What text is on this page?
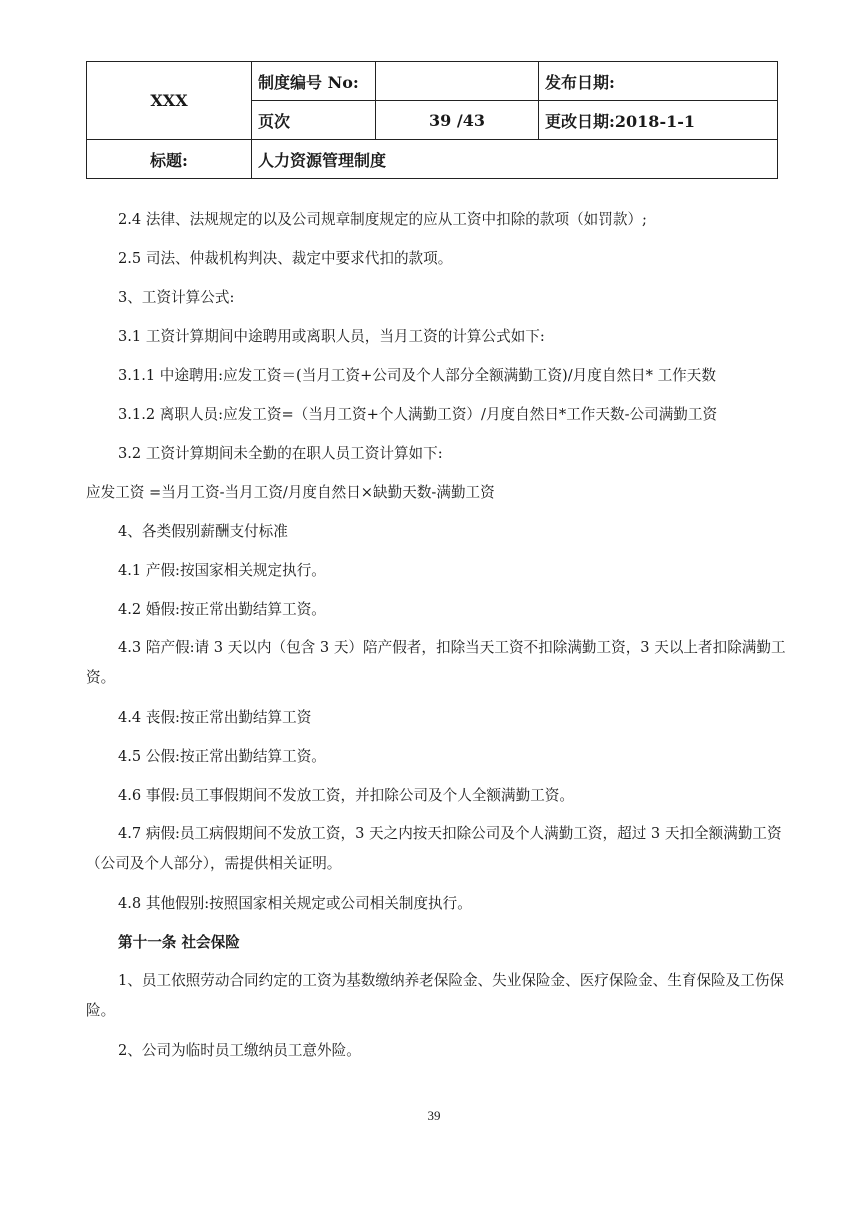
XXX	制度编号 No:		发布日期:
	页次	39 /43	更改日期:2018-1-1
标题:	人力资源管理制度		

2.4 法律、法规规定的以及公司规章制度规定的应从工资中扣除的款项（如罚款）;

2.5 司法、仲裁机构判决、裁定中要求代扣的款项。

3、工资计算公式:

3.1 工资计算期间中途聘用或离职人员，当月工资的计算公式如下:

3.1.1 中途聘用:应发工资＝(当月工资+公司及个人部分全额满勤工资)/月度自然日* 工作天数

3.1.2 离职人员:应发工资=（当月工资+个人满勤工资）/月度自然日*工作天数-公司满勤工资

3.2 工资计算期间未全勤的在职人员工资计算如下:

应发工资 =当月工资-当月工资/月度自然日×缺勤天数-满勤工资

4、各类假别薪酬支付标准

4.1 产假:按国家相关规定执行。

4.2 婚假:按正常出勤结算工资。

4.3 陪产假:请 3 天以内（包含 3 天）陪产假者，扣除当天工资不扣除满勤工资，3 天以上者扣除满勤工资。

4.4 丧假:按正常出勤结算工资

4.5 公假:按正常出勤结算工资。

4.6 事假:员工事假期间不发放工资，并扣除公司及个人全额满勤工资。

4.7 病假:员工病假期间不发放工资，3 天之内按天扣除公司及个人满勤工资，超过 3 天扣全额满勤工资（公司及个人部分），需提供相关证明。

4.8 其他假别:按照国家相关规定或公司相关制度执行。

第十一条 社会保险

1、员工依照劳动合同约定的工资为基数缴纳养老保险金、失业保险金、医疗保险金、生育保险及工伤保险。

2、公司为临时员工缴纳员工意外险。

39
